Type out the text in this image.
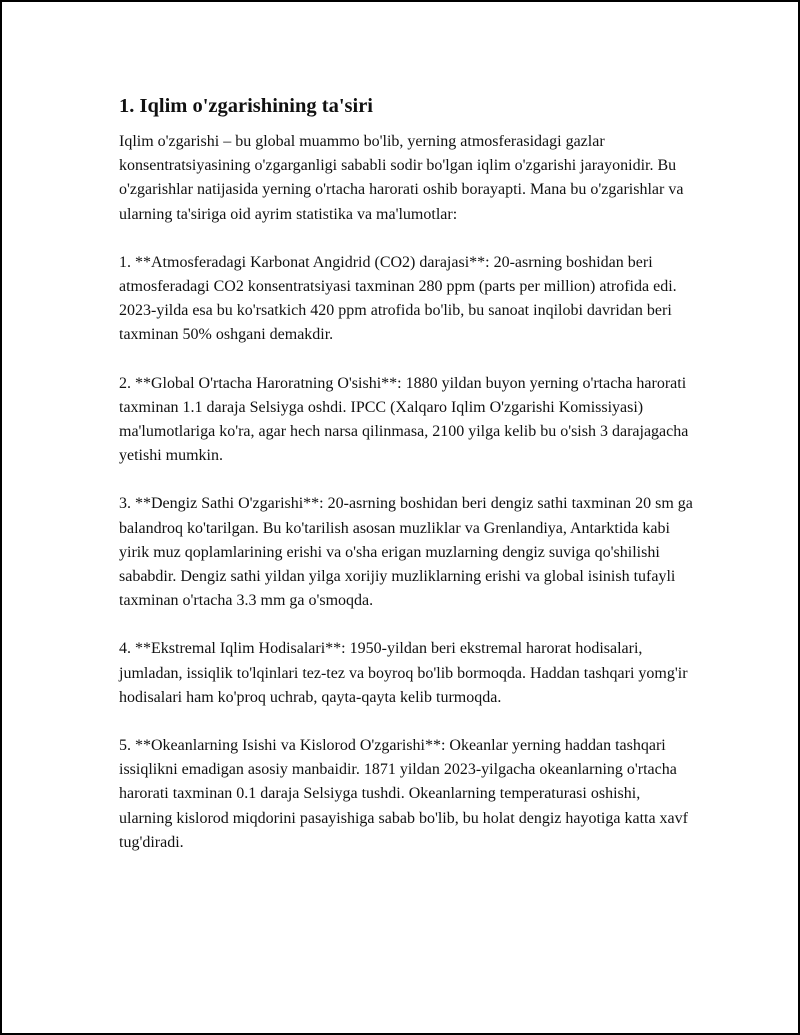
1. Iqlim o'zgarishining ta'siri

Iqlim o'zgarishi – bu global muammo bo'lib, yerning atmosferasidagi gazlar konsentratsiyasining o'zgarganligi sababli sodir bo'lgan iqlim o'zgarishi jarayonidir. Bu o'zgarishlar natijasida yerning o'rtacha harorati oshib borayapti. Mana bu o'zgarishlar va ularning ta'siriga oid ayrim statistika va ma'lumotlar:

1. **Atmosferadagi Karbonat Angidrid (CO2) darajasi**: 20-asrning boshidan beri atmosferadagi CO2 konsentratsiyasi taxminan 280 ppm (parts per million) atrofida edi. 2023-yilda esa bu ko'rsatkich 420 ppm atrofida bo'lib, bu sanoat inqilobi davridan beri taxminan 50% oshgani demakdir.

2. **Global O'rtacha Haroratning O'sishi**: 1880 yildan buyon yerning o'rtacha harorati taxminan 1.1 daraja Selsiyga oshdi. IPCC (Xalqaro Iqlim O'zgarishi Komissiyasi) ma'lumotlariga ko'ra, agar hech narsa qilinmasa, 2100 yilga kelib bu o'sish 3 darajagacha yetishi mumkin.

3. **Dengiz Sathi O'zgarishi**: 20-asrning boshidan beri dengiz sathi taxminan 20 sm ga balandroq ko'tarilgan. Bu ko'tarilish asosan muzliklar va Grenlandiya, Antarktida kabi yirik muz qoplamlarining erishi va o'sha erigan muzlarning dengiz suviga qo'shilishi sababdir. Dengiz sathi yildan yilga xorijiy muzliklarning erishi va global isinish tufayli taxminan o'rtacha 3.3 mm ga o'smoqda.

4. **Ekstremal Iqlim Hodisalari**: 1950-yildan beri ekstremal harorat hodisalari, jumladan, issiqlik to'lqinlari tez-tez va boyroq bo'lib bormoqda. Haddan tashqari yomg'ir hodisalari ham ko'proq uchrab, qayta-qayta kelib turmoqda.

5. **Okeanlarning Isishi va Kislorod O'zgarishi**: Okeanlar yerning haddan tashqari issiqlikni emadigan asosiy manbaidir. 1871 yildan 2023-yilgacha okeanlarning o'rtacha harorati taxminan 0.1 daraja Selsiyga tushdi. Okeanlarning temperaturasi oshishi, ularning kislorod miqdorini pasayishiga sabab bo'lib, bu holat dengiz hayotiga katta xavf tug'diradi.
